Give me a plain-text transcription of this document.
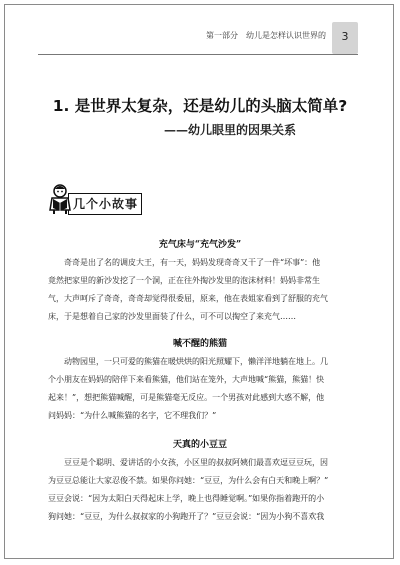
第一部分　幼儿是怎样认识世界的	3
1. 是世界太复杂，还是幼儿的头脑太简单?
——幼儿眼里的因果关系
几个小故事
充气床与“充气沙发”
奇奇是出了名的调皮大王，有一天，妈妈发现奇奇又干了一件“坏事”：他
竟然把家里的新沙发挖了一个洞，正在往外掏沙发里的泡沫材料！妈妈非常生
气，大声呵斥了奇奇，奇奇却觉得很委屈，原来，他在表姐家看到了舒服的充气
床，于是想着自己家的沙发里面装了什么，可不可以掏空了来充气……
喊不醒的熊猫
动物园里，一只可爱的熊猫在暖烘烘的阳光照耀下，懒洋洋地躺在地上。几
个小朋友在妈妈的陪伴下来看熊猫，他们站在笼外，大声地喊“熊猫，熊猫！快
起来！”，想把熊猫喊醒，可是熊猫毫无反应。一个男孩对此感到大惑不解，他
问妈妈：“为什么喊熊猫的名字，它不理我们？”
天真的小豆豆
豆豆是个聪明、爱讲话的小女孩，小区里的叔叔阿姨们最喜欢逗豆豆玩，因
为豆豆总能让大家忍俊不禁。如果你问她：“豆豆，为什么会有白天和晚上啊？”
豆豆会说：“因为太阳白天得起床上学，晚上也得睡觉啊。”如果你指着跑开的小
狗问她：“豆豆，为什么叔叔家的小狗跑开了？”豆豆会说：“因为小狗不喜欢我
